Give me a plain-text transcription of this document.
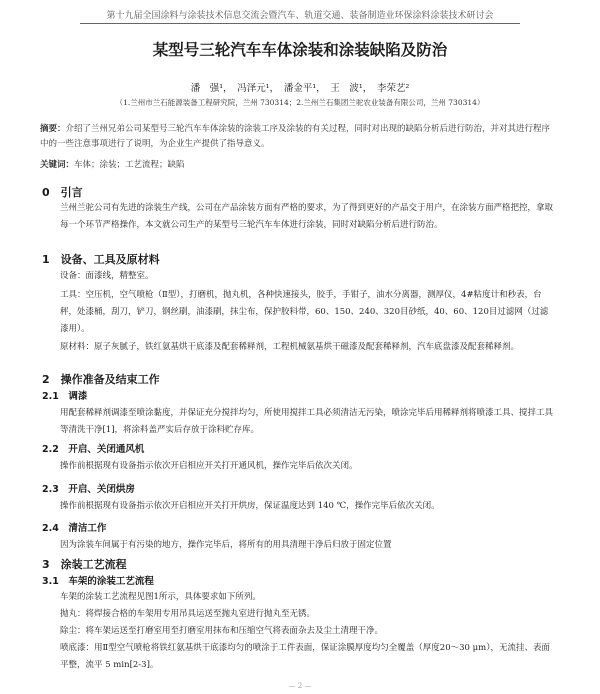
第十九届全国涂料与涂装技术信息交流会暨汽车、轨道交通、装备制造业环保涂料涂装技术研讨会
某型号三轮汽车车体涂装和涂装缺陷及防治
潘　强¹，　冯泽元¹，　潘金平¹，　王　波¹，　李荣艺²
（1.兰州市兰石能源装备工程研究院，兰州 730314；2.兰州兰石集团兰驼农业装备有限公司，兰州 730314）
摘要：介绍了兰州兄弟公司某型号三轮汽车车体涂装的涂装工序及涂装的有关过程，同时对出现的缺陷分析后进行防治，并对其进行程序中的一些注意事项进行了说明，为企业生产提供了指导意义。
关键词：车体；涂装；工艺流程；缺陷
0　引言
兰州兰驼公司有先进的涂装生产线，公司在产品涂装方面有严格的要求，为了得到更好的产品交于用户，在涂装方面严格把控，拿取每一个环节严格操作，本文就公司生产的某型号三轮汽车车体进行涂装，同时对缺陷分析后进行防治。
1　设备、工具及原材料
设备：面漆线，精整室。
工具：空压机，空气喷枪（Ⅱ型），打磨机，抛丸机，各种快速接头，胶手，手钳子，油水分离器，测厚仪，4#粘度计和秒表，台秤，处漆桶，刮刀，铲刀，钢丝刷，油漆刷，抹尘布，保护胶料带，60、150、240、320目砂纸，40、60、120目过滤网（过滤漆用）。
原材料：原子灰腻子，铁红氨基烘干底漆及配套稀释剂，工程机械氨基烘干磁漆及配套稀释剂，汽车底盘漆及配套稀释剂。
2　操作准备及结束工作
2.1　调漆
用配套稀释剂调漆至喷涂黏度，并保证充分搅拌均匀，所使用搅拌工具必须清洁无污染，喷涂完毕后用稀释剂将喷漆工具、搅拌工具等清洗干净[1]，将涂料盖严实后存放于涂料贮存库。
2.2　开启、关闭通风机
操作前根据现有设备指示依次开启相应开关打开通风机，操作完毕后依次关闭。
2.3　开启、关闭烘房
操作前根据现有设备指示依次开启相应开关打开烘房，保证温度达到 140 ℃，操作完毕后依次关闭。
2.4　清洁工作
因为涂装车间属于有污染的地方，操作完毕后，将所有的用具清理干净后归放于固定位置
3　涂装工艺流程
3.1　车架的涂装工艺流程
车架的涂装工艺流程见图1所示，具体要求如下所列。
抛丸：将焊接合格的车架用专用吊具运送至抛丸室进行抛丸至无锈。
除尘：将车架运送至打磨室用至打磨室用抹布和压缩空气将表面杂去及尘土清理干净。
喷底漆：用Ⅱ型空气喷枪将铁红氨基烘干底漆均匀的喷涂于工件表面，保证涂膜厚度均匀全覆盖（厚度20～30 μm），无流挂、表面平整，流平 5 min[2-3]。
— 2 —
